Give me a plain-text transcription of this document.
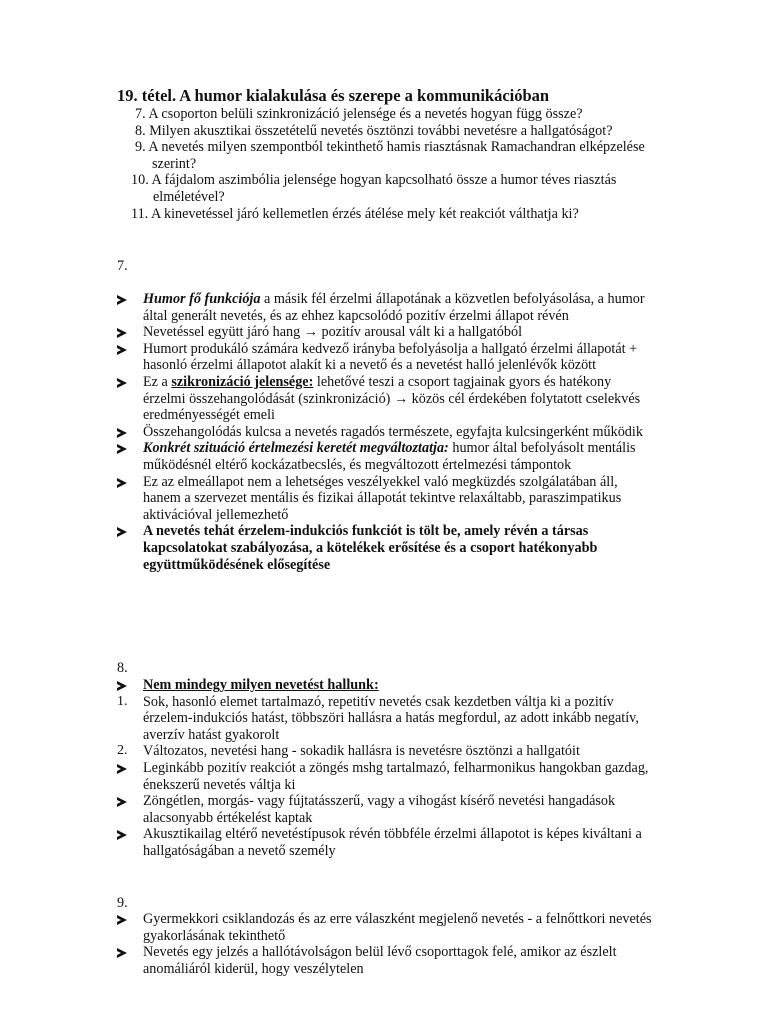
19. tétel. A humor kialakulása és szerepe a kommunikációban
7. A csoporton belüli szinkronizáció jelensége és a nevetés hogyan függ össze?
8. Milyen akusztikai összetételű nevetés ösztönzi további nevetésre a hallgatóságot?
9. A nevetés milyen szempontból tekinthető hamis riasztásnak Ramachandran elképzelése szerint?
10. A fájdalom aszimbólia jelensége hogyan kapcsolható össze a humor téves riasztás elméletével?
11. A kinevetéssel járó kellemetlen érzés átélése mely két reakciót válthatja ki?
7.
Humor fő funkciója a másik fél érzelmi állapotának a közvetlen befolyásolása, a humor által generált nevetés, és az ehhez kapcsolódó pozitív érzelmi állapot révén
Nevetéssel együtt járó hang → pozitív arousal vált ki a hallgatóból
Humort produkáló számára kedvező irányba befolyásolja a hallgató érzelmi állapotát + hasonló érzelmi állapotot alakít ki a nevető és a nevetést halló jelenlévők között
Ez a szikronizáció jelensége: lehetővé teszi a csoport tagjainak gyors és hatékony érzelmi összehangolódását (szinkronizáció) → közös cél érdekében folytatott cselekvés eredményességét emeli
Összehangolódás kulcsa a nevetés ragadós természete, egyfajta kulcsingerként működik
Konkrét szituáció értelmezési keretét megváltoztatja: humor által befolyásolt mentális működésnél eltérő kockázatbecslés, és megváltozott értelmezési támpontok
Ez az elmeállapot nem a lehetséges veszélyekkel való megküzdés szolgálatában áll, hanem a szervezet mentális és fizikai állapotát tekintve relaxáltabb, paraszimpatikus aktivációval jellemezhető
A nevetés tehát érzelem-indukciós funkciót is tölt be, amely révén a társas kapcsolatokat szabályozása, a kötelékek erősítése és a csoport hatékonyabb együttműködésének elősegítése
8.
Nem mindegy milyen nevetést hallunk:
1.	Sok, hasonló elemet tartalmazó, repetitív nevetés csak kezdetben váltja ki a pozitív érzelem-indukciós hatást, többszöri hallásra a hatás megfordul, az adott inkább negatív, averzív hatást gyakorolt
2.	Változatos, nevetési hang - sokadik hallásra is nevetésre ösztönzi a hallgatóit
Leginkább pozitív reakciót a zöngés mshg tartalmazó, felharmonikus hangokban gazdag, énekszerű nevetés váltja ki
Zöngétlen, morgás- vagy fújtatásszerű, vagy a vihogást kísérő nevetési hangadások alacsonyabb értékelést kaptak
Akusztikailag eltérő nevetéstípusok révén többféle érzelmi állapotot is képes kiváltani a hallgatóságában a nevető személy
9.
Gyermekkori csiklandozás és az erre válaszként megjelenő nevetés - a felnőttkori nevetés gyakorlásának tekinthető
Nevetés egy jelzés a hallótávolságon belül lévő csoporttagok felé, amikor az észlelt anomáliáról kiderül, hogy veszélytelen
